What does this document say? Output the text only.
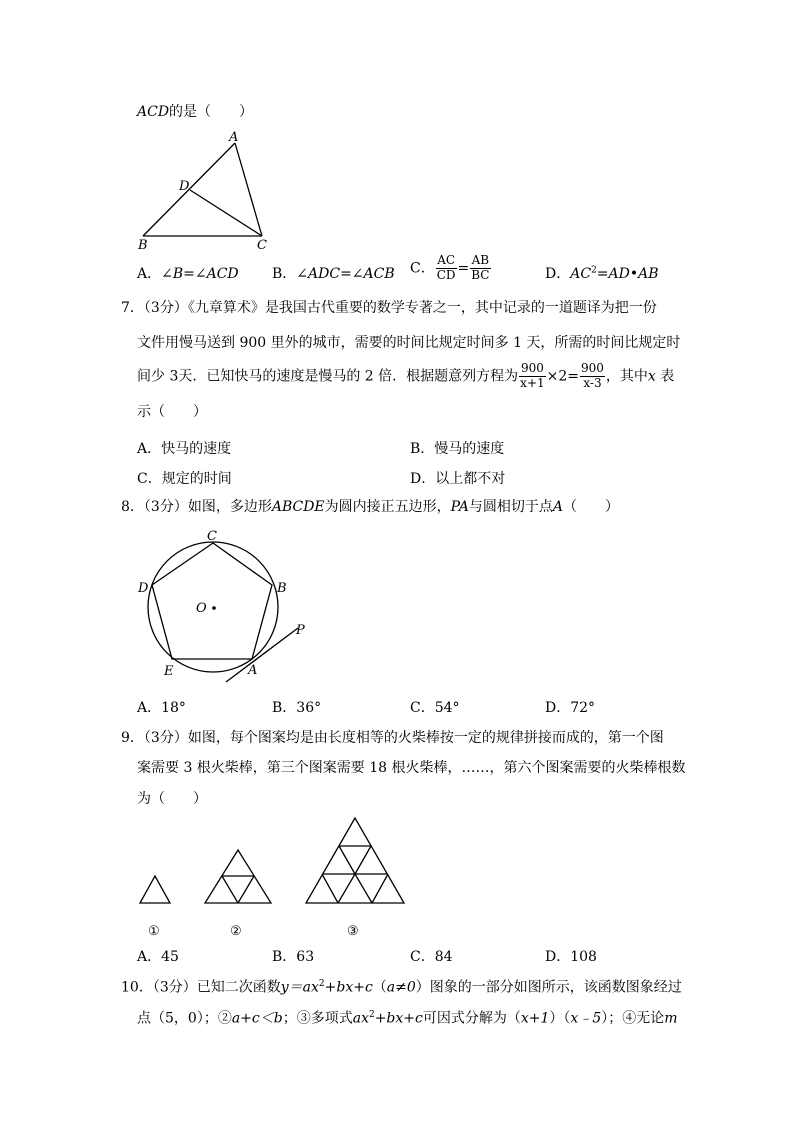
ACD的是（　　）
A
D
B	C
A．∠B=∠ACD B．∠ADC=∠ACB C． $\frac{AC}{CD} = \frac{AB}{BC}$	D．$AC^2=AD•AB$
7．（3分）《九章算术》是我国古代重要的数学专著之一，其中记录的一道题译为把一份
文件用慢马送到 900 里外的城市，需要的时间比规定时间多 1 天，所需的时间比规定时
间少 3天．已知快马的速度是慢马的 2 倍．根据题意列方程为 $\frac{900}{x+1} \times 2= \frac{900}{x-3}$ ，其中x 表
示（　　）
A．快马的速度	B．慢马的速度
C．规定的时间	D．以上都不对
8．（3分）如图，多边形ABCDE为圆内接正五边形，PA与圆相切于点A（　　）
C
B
D
O
P
E	A
A．18°	B．36°	C．54°	D．72°
9．（3分）如图，每个图案均是由长度相等的火柴棒按一定的规律拼接而成的，第一个图
案需要 3 根火柴棒，第三个图案需要 18 根火柴棒，……，第六个图案需要的火柴棒根数
为（　　）
①	②	③
A．45	B．63	C．84	D．108
10．（3分）已知二次函数$y=ax^2+bx+c(a\ne 0)$图象的一部分如图所示，该函数图象经过
点（5，0）；②a+c＜b；③多项式$ax^2+bx+c$可因式分解为（x+1）（x﹣5）；④无论m
